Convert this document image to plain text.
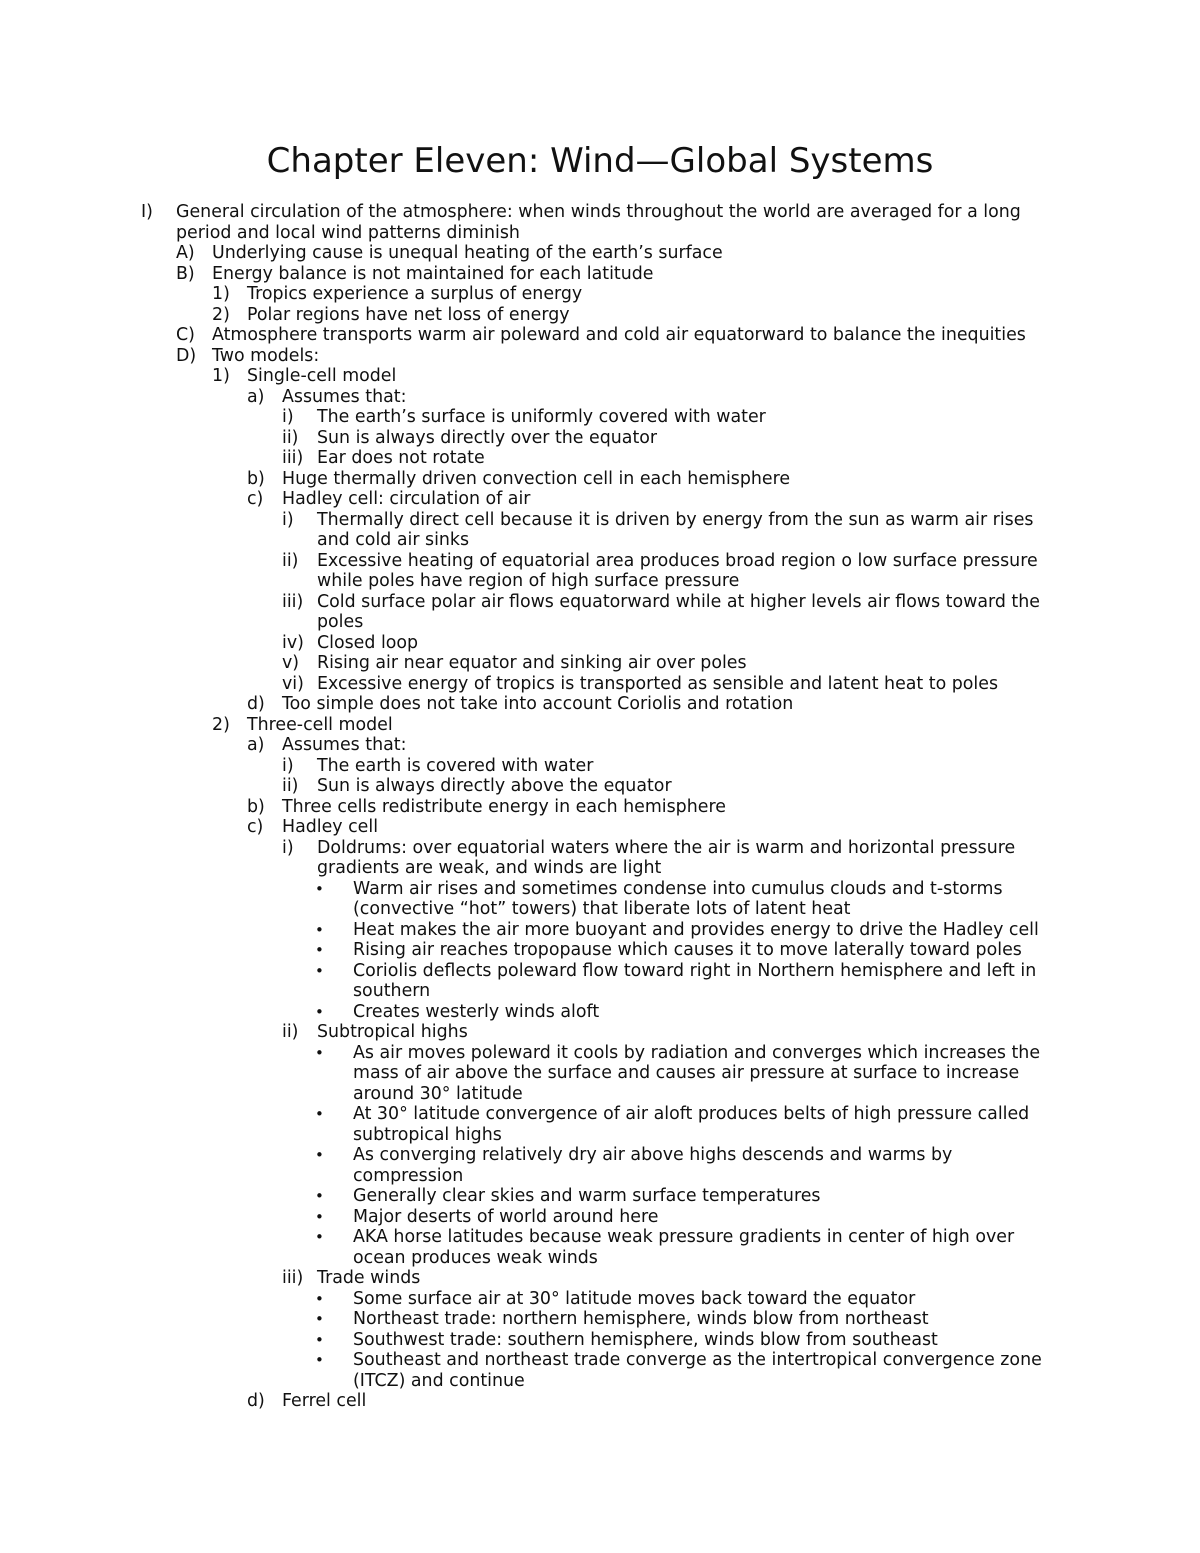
Chapter Eleven: Wind—Global Systems
I) General circulation of the atmosphere: when winds throughout the world are averaged for a long
period and local wind patterns diminish
A) Underlying cause is unequal heating of the earth’s surface
B) Energy balance is not maintained for each latitude
1) Tropics experience a surplus of energy
2) Polar regions have net loss of energy
C) Atmosphere transports warm air poleward and cold air equatorward to balance the inequities
D) Two models:
1) Single-cell model
a) Assumes that:
i) The earth’s surface is uniformly covered with water
ii) Sun is always directly over the equator
iii) Ear does not rotate
b) Huge thermally driven convection cell in each hemisphere
c) Hadley cell: circulation of air
i) Thermally direct cell because it is driven by energy from the sun as warm air rises
and cold air sinks
ii) Excessive heating of equatorial area produces broad region o low surface pressure
while poles have region of high surface pressure
iii) Cold surface polar air flows equatorward while at higher levels air flows toward the
poles
iv) Closed loop
v) Rising air near equator and sinking air over poles
vi) Excessive energy of tropics is transported as sensible and latent heat to poles
d) Too simple does not take into account Coriolis and rotation
2) Three-cell model
a) Assumes that:
i) The earth is covered with water
ii) Sun is always directly above the equator
b) Three cells redistribute energy in each hemisphere
c) Hadley cell
i) Doldrums: over equatorial waters where the air is warm and horizontal pressure
gradients are weak, and winds are light
• Warm air rises and sometimes condense into cumulus clouds and t-storms
(convective “hot” towers) that liberate lots of latent heat
• Heat makes the air more buoyant and provides energy to drive the Hadley cell
• Rising air reaches tropopause which causes it to move laterally toward poles
• Coriolis deflects poleward flow toward right in Northern hemisphere and left in
southern
• Creates westerly winds aloft
ii) Subtropical highs
• As air moves poleward it cools by radiation and converges which increases the
mass of air above the surface and causes air pressure at surface to increase
around 30° latitude
• At 30° latitude convergence of air aloft produces belts of high pressure called
subtropical highs
• As converging relatively dry air above highs descends and warms by
compression
• Generally clear skies and warm surface temperatures
• Major deserts of world around here
• AKA horse latitudes because weak pressure gradients in center of high over
ocean produces weak winds
iii) Trade winds
• Some surface air at 30° latitude moves back toward the equator
• Northeast trade: northern hemisphere, winds blow from northeast
• Southwest trade: southern hemisphere, winds blow from southeast
• Southeast and northeast trade converge as the intertropical convergence zone
(ITCZ) and continue
d) Ferrel cell
